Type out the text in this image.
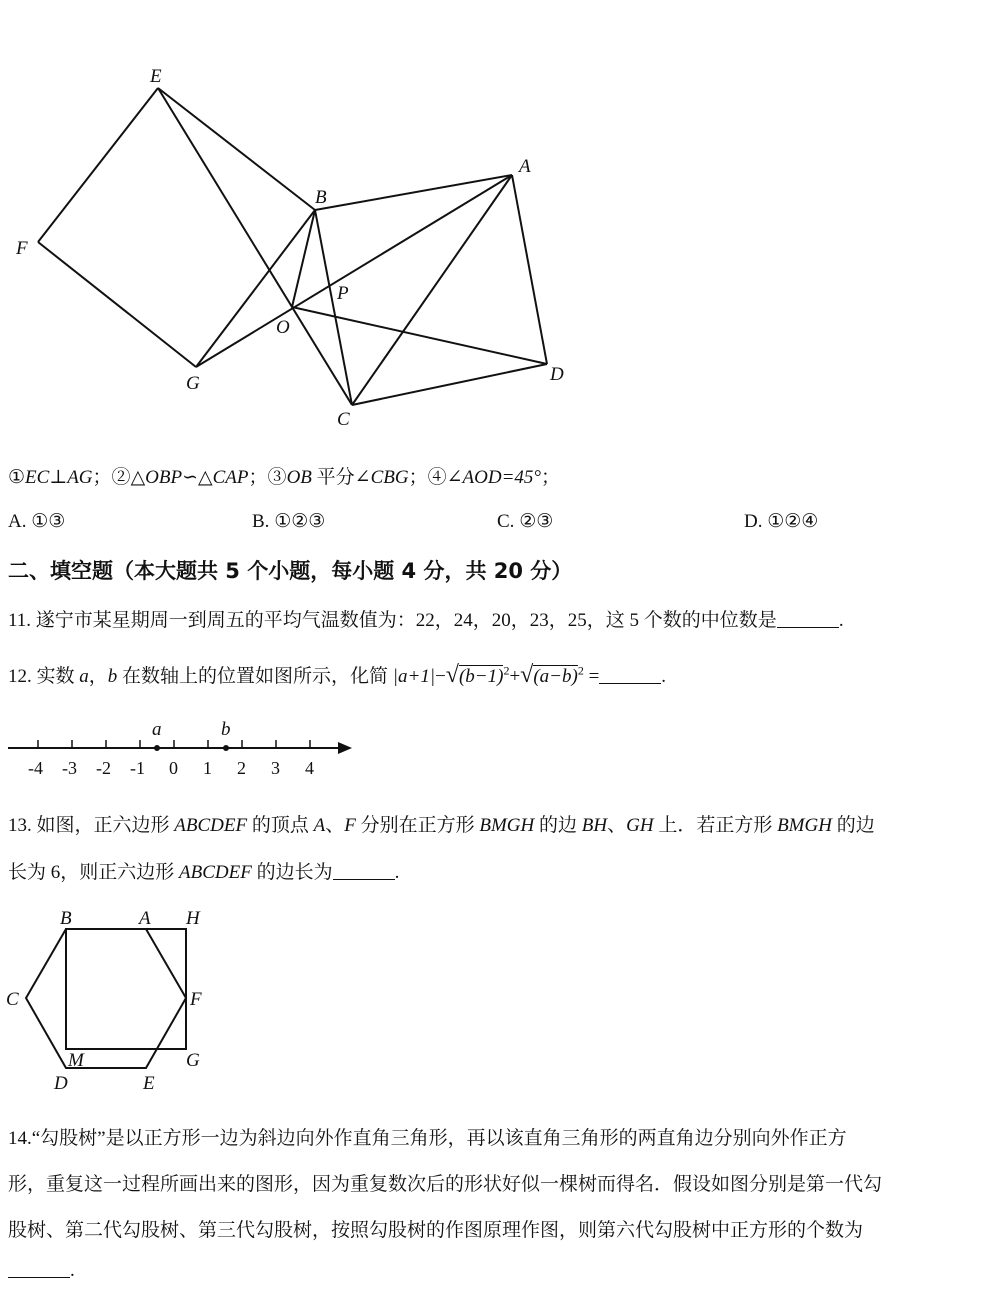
E
B
A
F
P
O
G	D
C
①EC⊥AG；②△OBP∽△CAP；③OB 平分∠CBG；④∠AOD=45°；
A. ①③	B. ①②③	C. ②③	D. ①②④
二、填空题（本大题共 5 个小题，每小题 4 分，共 20 分）
11. 遂宁市某星期周一到周五的平均气温数值为：22，24，20，23，25，这 5 个数的中位数是	.
12. 实数 a，b 在数轴上的位置如图所示，化简 $|a+1|-√(b-1)^2+√(a-b)^2$ =	.
-4 -3 -2 -1 0 1 2 3 4
a	b
13. 如图，正六边形 ABCDEF 的顶点 A、F 分别在正方形 BMGH 的边 BH、GH 上．若正方形 BMGH 的边
长为 6，则正六边形 ABCDEF 的边长为	.
B	A H
C	F
M	G
D	E
14.“勾股树”是以正方形一边为斜边向外作直角三角形，再以该直角三角形的两直角边分别向外作正方
形，重复这一过程所画出来的图形，因为重复数次后的形状好似一棵树而得名．假设如图分别是第一代勾
股树、第二代勾股树、第三代勾股树，按照勾股树的作图原理作图，则第六代勾股树中正方形的个数为
.
